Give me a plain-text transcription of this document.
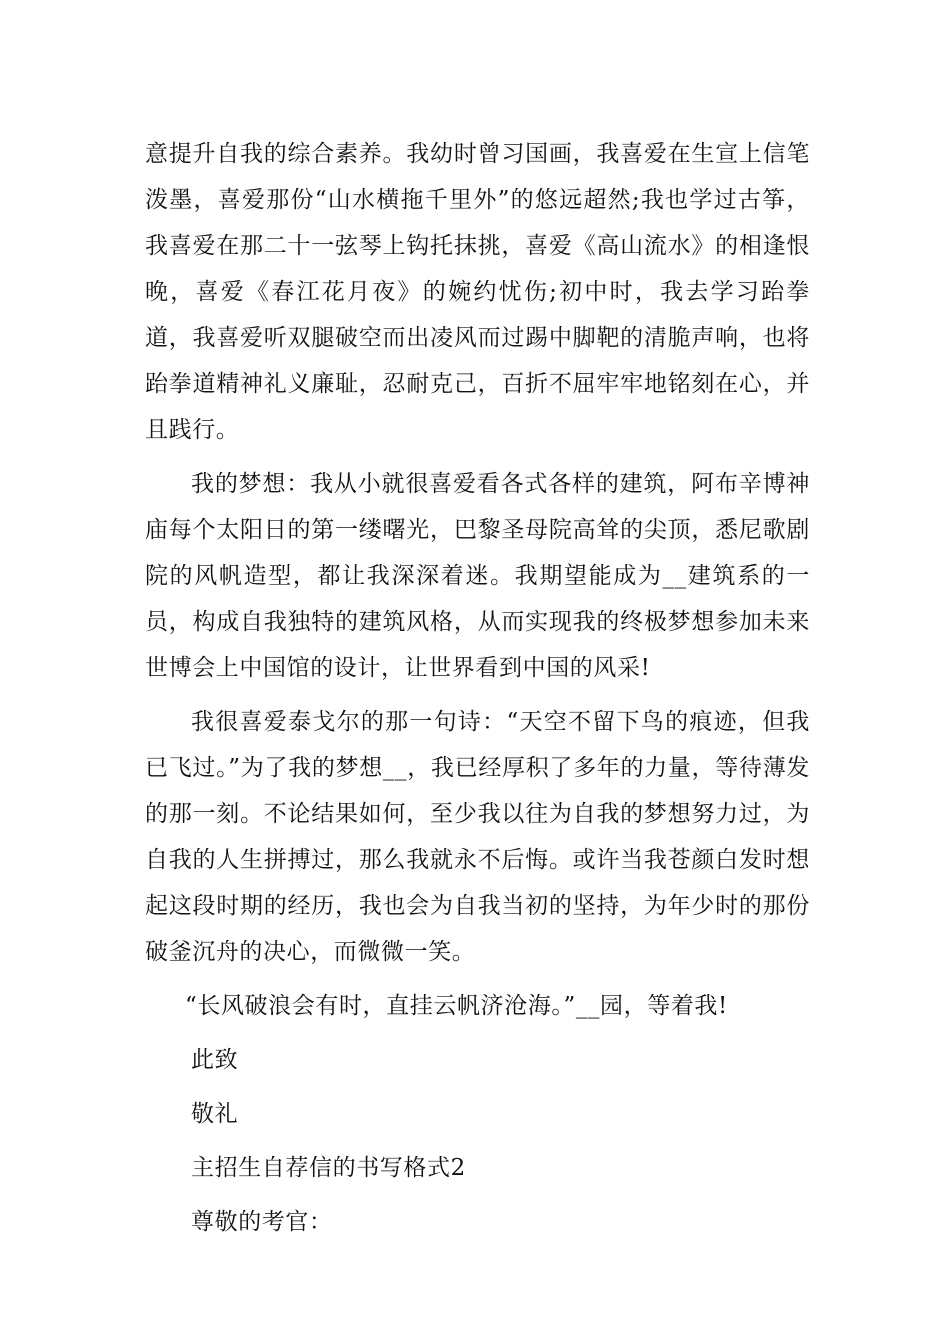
意提升自我的综合素养。我幼时曾习国画，我喜爱在生宣上信笔泼墨，喜爱那份“山水横拖千里外”的悠远超然;我也学过古筝，我喜爱在那二十一弦琴上钩托抹挑，喜爱《高山流水》的相逢恨晚，喜爱《春江花月夜》的婉约忧伤;初中时，我去学习跆拳道，我喜爱听双腿破空而出凌风而过踢中脚靶的清脆声响，也将跆拳道精神礼义廉耻，忍耐克己，百折不屈牢牢地铭刻在心，并且践行。

我的梦想：我从小就很喜爱看各式各样的建筑，阿布辛博神庙每个太阳日的第一缕曙光，巴黎圣母院高耸的尖顶，悉尼歌剧院的风帆造型，都让我深深着迷。我期望能成为__建筑系的一员，构成自我独特的建筑风格，从而实现我的终极梦想参加未来世博会上中国馆的设计，让世界看到中国的风采!

我很喜爱泰戈尔的那一句诗：“天空不留下鸟的痕迹，但我已飞过。”为了我的梦想__，我已经厚积了多年的力量，等待薄发的那一刻。不论结果如何，至少我以往为自我的梦想努力过，为自我的人生拼搏过，那么我就永不后悔。或许当我苍颜白发时想起这段时期的经历，我也会为自我当初的坚持，为年少时的那份破釜沉舟的决心，而微微一笑。

“长风破浪会有时，直挂云帆济沧海。”__园，等着我!

此致

敬礼

主招生自荐信的书写格式2

尊敬的考官：
